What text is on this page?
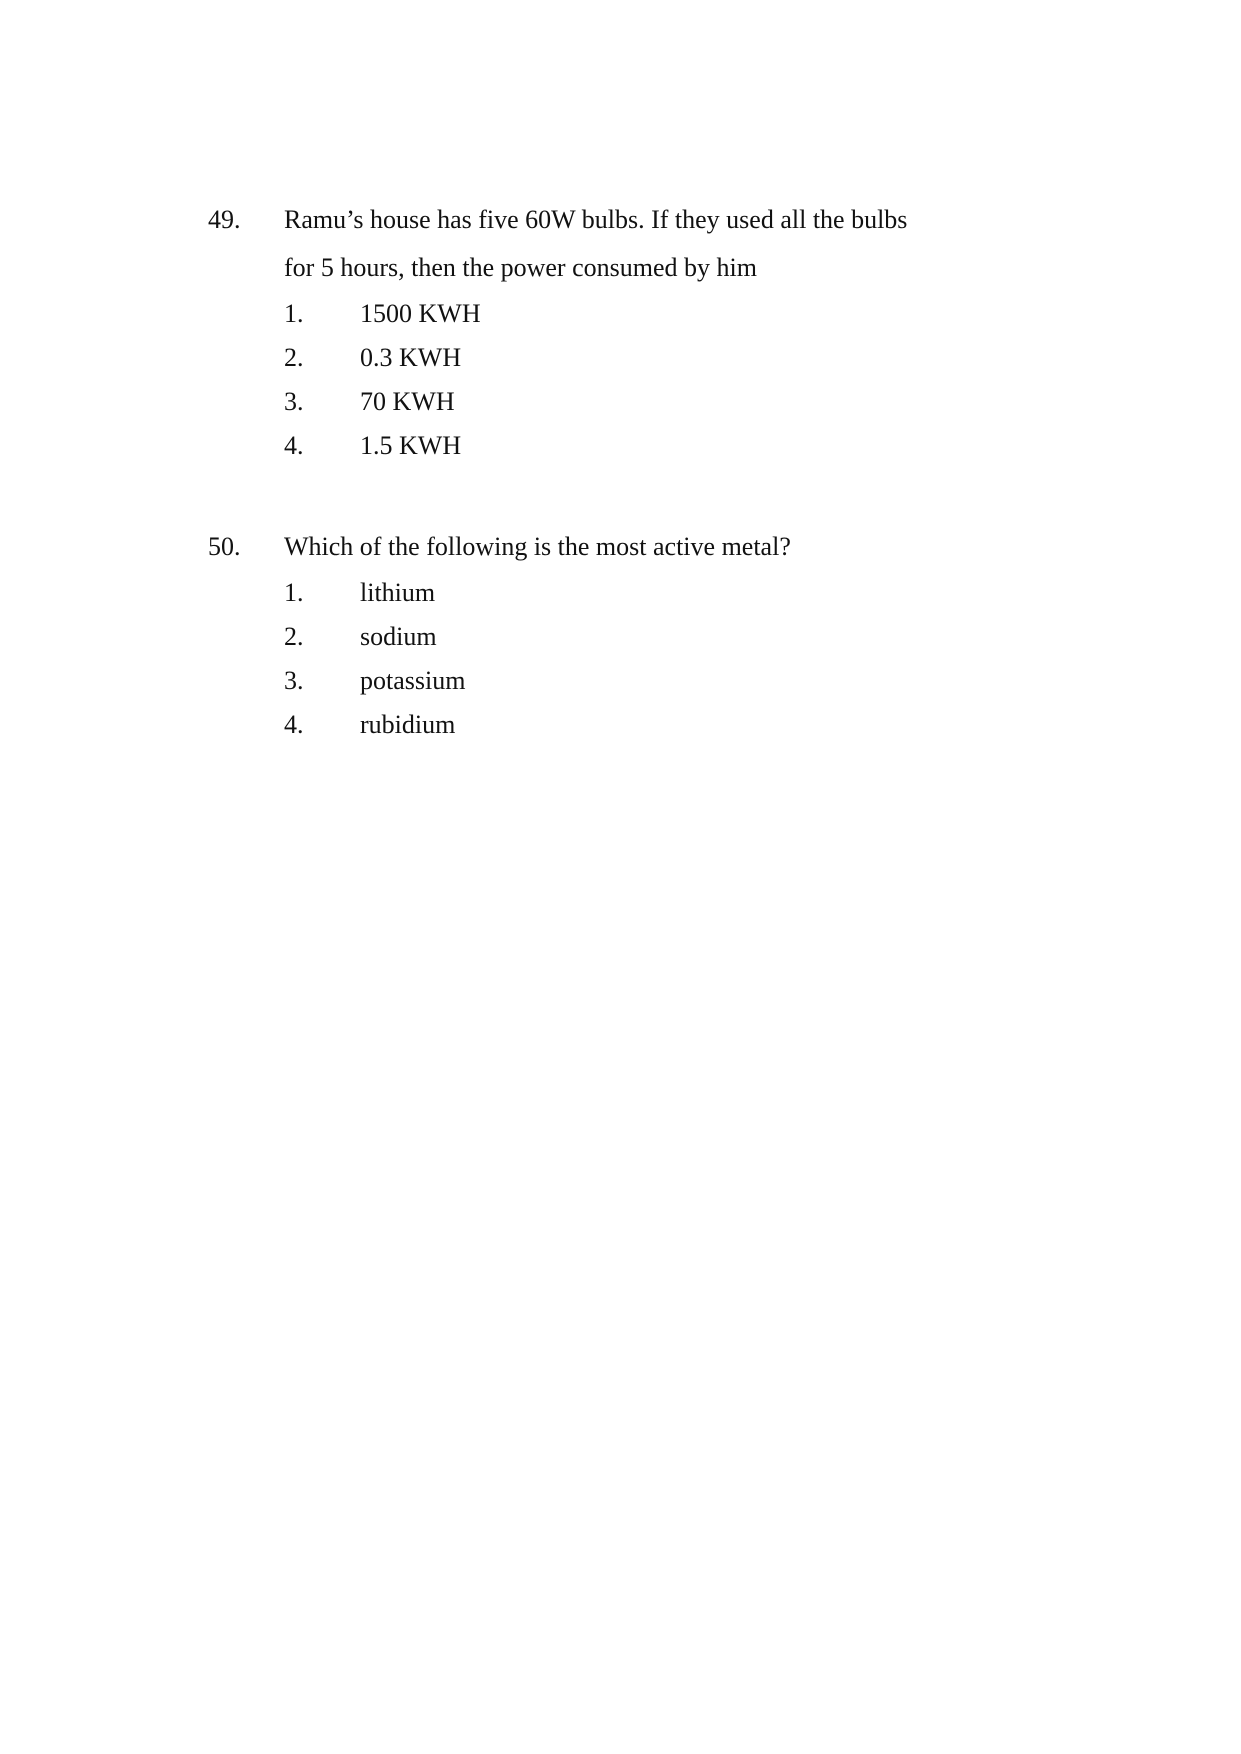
49.	Ramu’s house has five 60W bulbs. If they used all the bulbs
for 5 hours, then the power consumed by him
1.	1500 KWH
2.	0.3 KWH
3.	70 KWH
4.	1.5 KWH
50.	Which of the following is the most active metal?
1.	lithium
2.	sodium
3.	potassium
4.	rubidium
